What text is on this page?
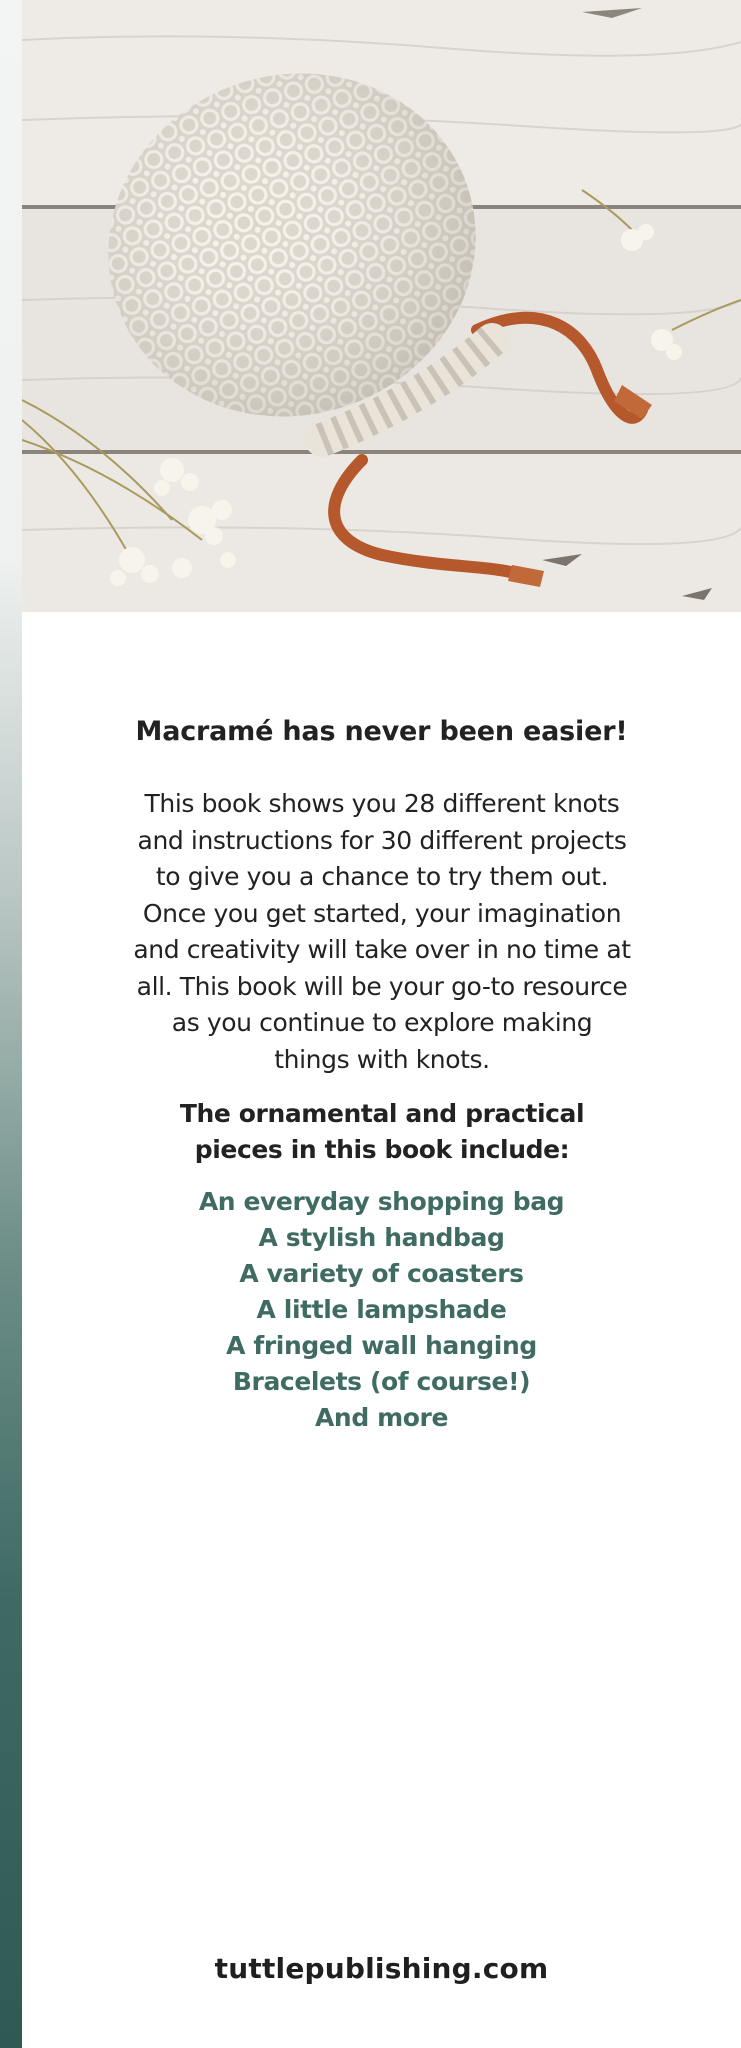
Macramé has never been easier!

This book shows you 28 different knots and instructions for 30 different projects to give you a chance to try them out. Once you get started, your imagination and creativity will take over in no time at all. This book will be your go-to resource as you continue to explore making things with knots.

The ornamental and practical pieces in this book include:

An everyday shopping bag
A stylish handbag
A variety of coasters
A little lampshade
A fringed wall hanging
Bracelets (of course!)
And more
tuttlepublishing.com
